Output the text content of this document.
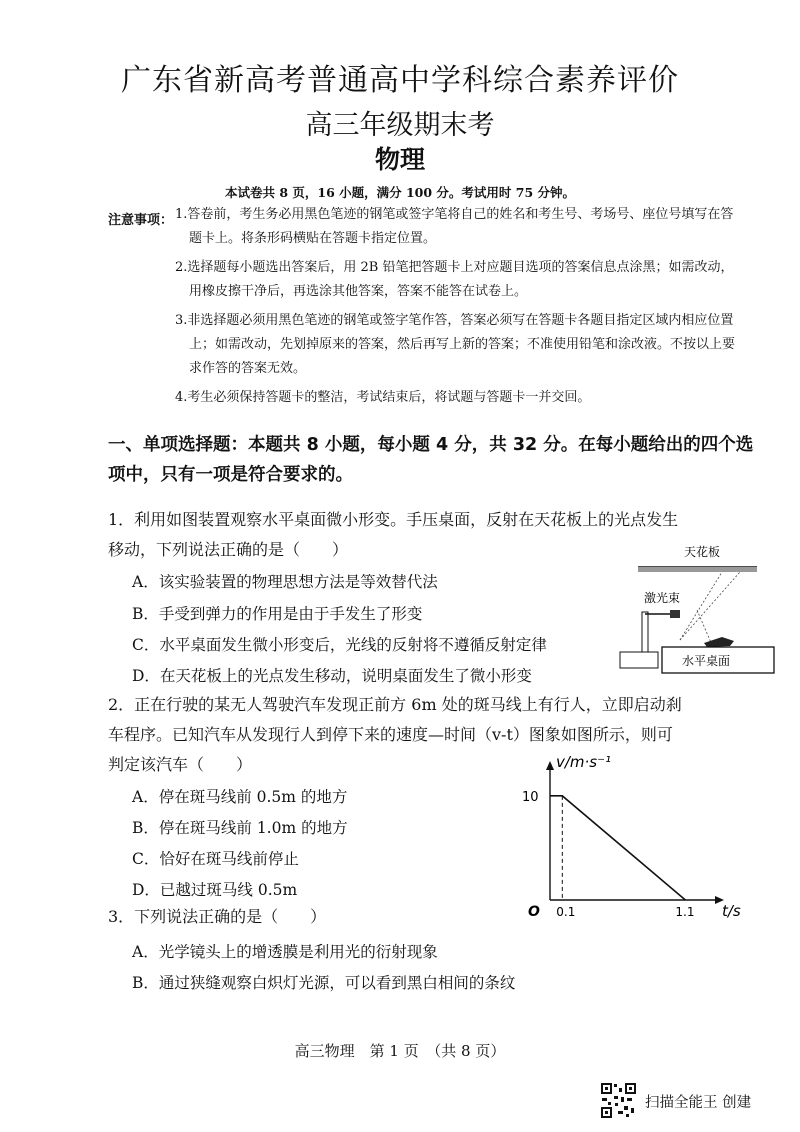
广东省新高考普通高中学科综合素养评价
高三年级期末考
物理
本试卷共 8 页，16 小题，满分 100 分。考试用时 75 分钟。
注意事项： 1.答卷前，考生务必用黑色笔迹的钢笔或签字笔将自己的姓名和考生号、考场号、座位号填写在答
题卡上。将条形码横贴在答题卡指定位置。
2.选择题每小题选出答案后，用 2B 铅笔把答题卡上对应题目选项的答案信息点涂黑；如需改动，
用橡皮擦干净后，再选涂其他答案，答案不能答在试卷上。
3.非选择题必须用黑色笔迹的钢笔或签字笔作答，答案必须写在答题卡各题目指定区域内相应位置
上；如需改动，先划掉原来的答案，然后再写上新的答案；不准使用铅笔和涂改液。不按以上要
求作答的答案无效。
4.考生必须保持答题卡的整洁，考试结束后，将试题与答题卡一并交回。
一、单项选择题：本题共 8 小题，每小题 4 分，共 32 分。在每小题给出的四个选
项中，只有一项是符合要求的。
1．利用如图装置观察水平桌面微小形变。手压桌面，反射在天花板上的光点发生
移动，下列说法正确的是（　　）
A．该实验装置的物理思想方法是等效替代法
B．手受到弹力的作用是由于手发生了形变
C．水平桌面发生微小形变后，光线的反射将不遵循反射定律
D．在天花板上的光点发生移动，说明桌面发生了微小形变
天花板
激光束
水平桌面
2．正在行驶的某无人驾驶汽车发现正前方 6m 处的斑马线上有行人，立即启动刹
车程序。已知汽车从发现行人到停下来的速度—时间（v-t）图象如图所示，则可
判定该汽车（　　）
A．停在斑马线前 0.5m 的地方
B．停在斑马线前 1.0m 的地方
C．恰好在斑马线前停止
D．已越过斑马线 0.5m
v/m·s⁻¹
t/s
O
10
0.1	1.1
3．下列说法正确的是（　　）
A．光学镜头上的增透膜是利用光的衍射现象
B．通过狭缝观察白炽灯光源，可以看到黑白相间的条纹
高三物理　第 1 页　（共 8 页）
扫描全能王 创建
